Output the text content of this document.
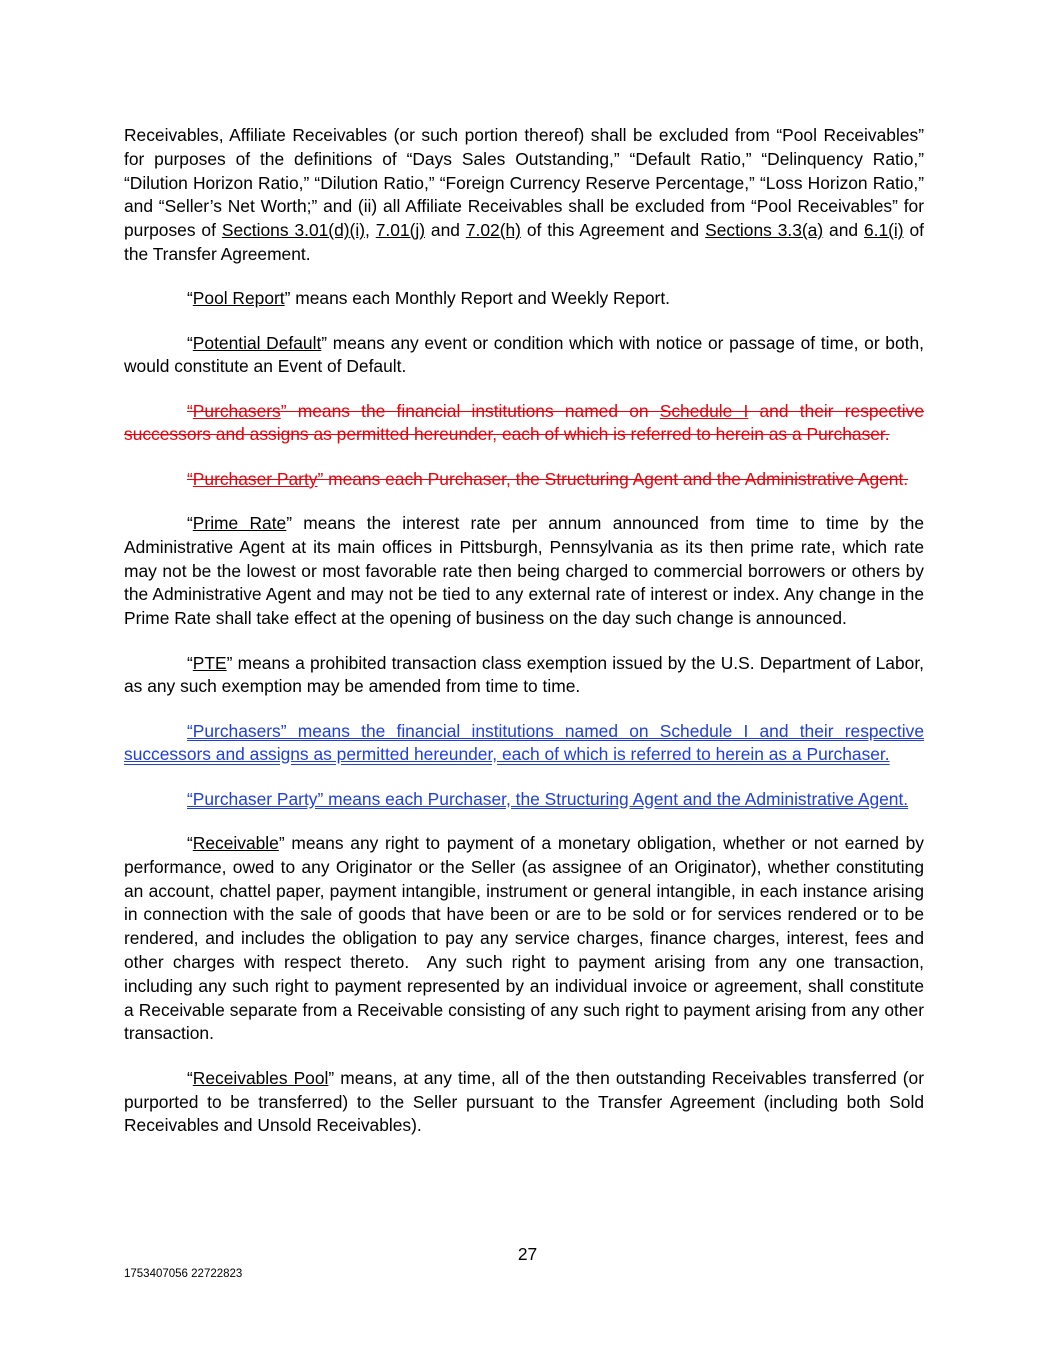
Receivables, Affiliate Receivables (or such portion thereof) shall be excluded from “Pool Receivables” for purposes of the definitions of “Days Sales Outstanding,” “Default Ratio,” “Delinquency Ratio,” “Dilution Horizon Ratio,” “Dilution Ratio,” “Foreign Currency Reserve Percentage,” “Loss Horizon Ratio,” and “Seller’s Net Worth;” and (ii) all Affiliate Receivables shall be excluded from “Pool Receivables” for purposes of Sections 3.01(d)(i), 7.01(j) and 7.02(h) of this Agreement and Sections 3.3(a) and 6.1(i) of the Transfer Agreement.

“Pool Report” means each Monthly Report and Weekly Report.

“Potential Default” means any event or condition which with notice or passage of time, or both, would constitute an Event of Default.

“Purchasers” means the financial institutions named on Schedule I and their respective successors and assigns as permitted hereunder, each of which is referred to herein as a Purchaser.

“Purchaser Party” means each Purchaser, the Structuring Agent and the Administrative Agent.

“Prime Rate” means the interest rate per annum announced from time to time by the Administrative Agent at its main offices in Pittsburgh, Pennsylvania as its then prime rate, which rate may not be the lowest or most favorable rate then being charged to commercial borrowers or others by the Administrative Agent and may not be tied to any external rate of interest or index. Any change in the Prime Rate shall take effect at the opening of business on the day such change is announced.

“PTE” means a prohibited transaction class exemption issued by the U.S. Department of Labor, as any such exemption may be amended from time to time.

“Purchasers” means the financial institutions named on Schedule I and their respective successors and assigns as permitted hereunder, each of which is referred to herein as a Purchaser.

“Purchaser Party” means each Purchaser, the Structuring Agent and the Administrative Agent.

“Receivable” means any right to payment of a monetary obligation, whether or not earned by performance, owed to any Originator or the Seller (as assignee of an Originator), whether constituting an account, chattel paper, payment intangible, instrument or general intangible, in each instance arising in connection with the sale of goods that have been or are to be sold or for services rendered or to be rendered, and includes the obligation to pay any service charges, finance charges, interest, fees and other charges with respect thereto.  Any such right to payment arising from any one transaction, including any such right to payment represented by an individual invoice or agreement, shall constitute a Receivable separate from a Receivable consisting of any such right to payment arising from any other transaction.

“Receivables Pool” means, at any time, all of the then outstanding Receivables transferred (or purported to be transferred) to the Seller pursuant to the Transfer Agreement (including both Sold Receivables and Unsold Receivables).

27
1753407056 22722823
